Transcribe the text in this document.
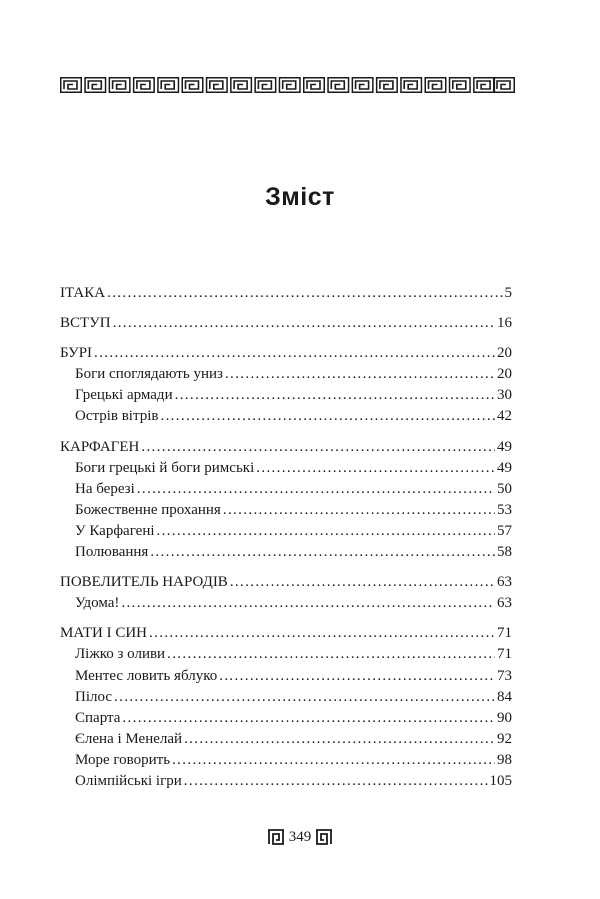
Зміст
ІТАКА . . .	5
ВСТУП . . .	16
БУРІ . . .	20
Боги споглядають униз . . .	20
Грецькі армади . . .	30
Острів вітрів . . .	42
КАРФАГЕН . . .	49
Боги грецькі й боги римські . . .	49
На березі . . .	50
Божественне прохання . . .	53
У Карфагені . . .	57
Полювання . . .	58
ПОВЕЛИТЕЛЬ НАРОДІВ . . .	63
Удома! . . .	63
МАТИ І СИН . . .	71
Ліжко з оливи . . .	71
Ментес ловить яблуко . . .	73
Пілос . . .	84
Спарта . . .	90
Єлена і Менелай . . .	92
Море говорить . . .	98
Олімпійські ігри . . .	105
349
